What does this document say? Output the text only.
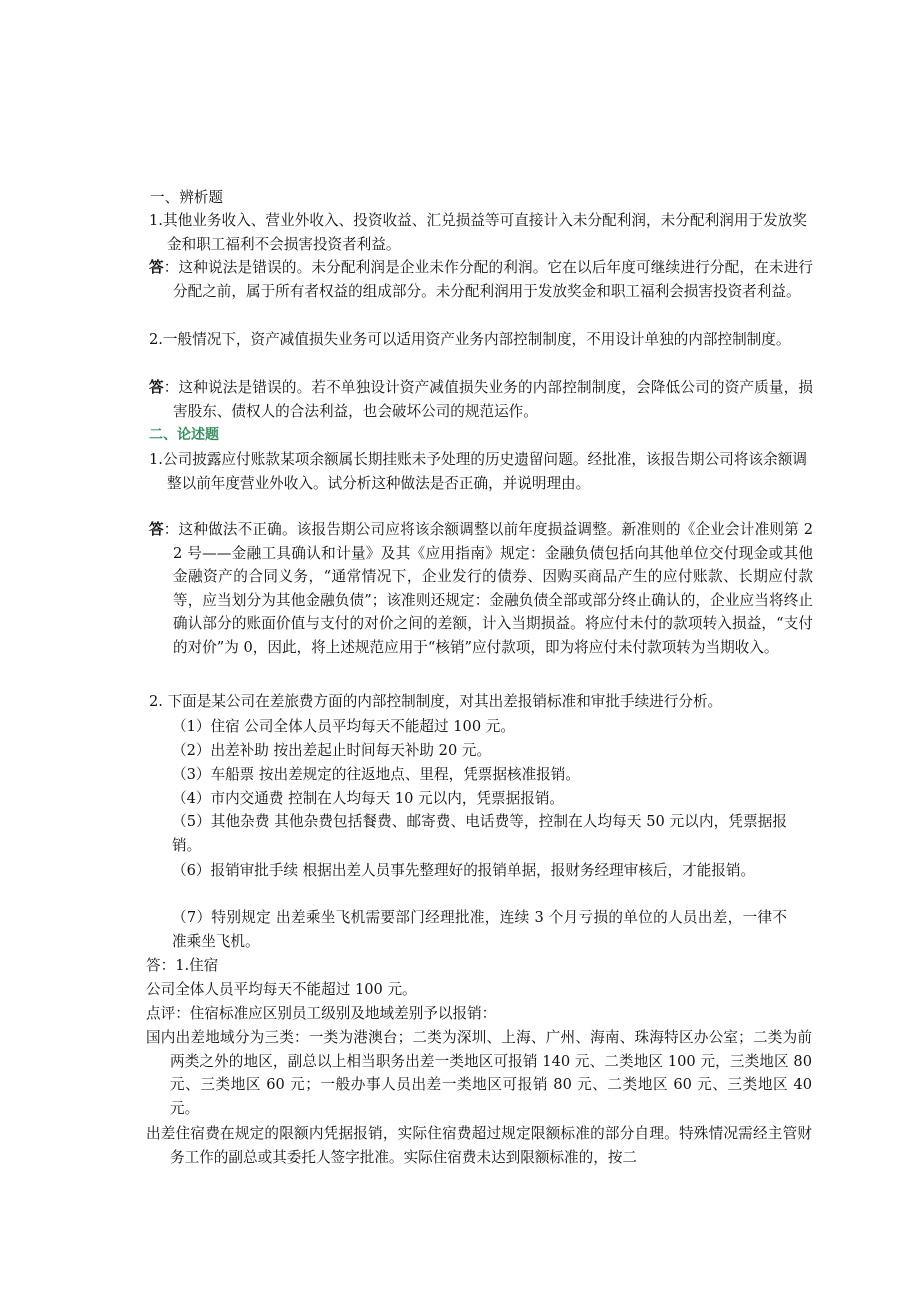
一、辨析题
1.其他业务收入、营业外收入、投资收益、汇兑损益等可直接计入未分配利润，未分配利润用于发放奖金和职工福利不会损害投资者利益。
答：这种说法是错误的。未分配利润是企业未作分配的利润。它在以后年度可继续进行分配，在未进行分配之前，属于所有者权益的组成部分。未分配利润用于发放奖金和职工福利会损害投资者利益。
2.一般情况下，资产减值损失业务可以适用资产业务内部控制制度，不用设计单独的内部控制制度。
答：这种说法是错误的。若不单独设计资产减值损失业务的内部控制制度，会降低公司的资产质量，损害股东、债权人的合法利益，也会破坏公司的规范运作。
二、论述题
1.公司披露应付账款某项余额属长期挂账未予处理的历史遗留问题。经批准，该报告期公司将该余额调整以前年度营业外收入。试分析这种做法是否正确，并说明理由。
答：这种做法不正确。该报告期公司应将该余额调整以前年度损益调整。新准则的《企业会计准则第 22 号——金融工具确认和计量》及其《应用指南》规定：金融负债包括向其他单位交付现金或其他金融资产的合同义务，“通常情况下，企业发行的债券、因购买商品产生的应付账款、长期应付款等，应当划分为其他金融负债”；该准则还规定：金融负债全部或部分终止确认的，企业应当将终止确认部分的账面价值与支付的对价之间的差额，计入当期损益。将应付未付的款项转入损益，“支付的对价”为 0，因此，将上述规范应用于“核销”应付款项，即为将应付未付款项转为当期收入。
2. 下面是某公司在差旅费方面的内部控制制度，对其出差报销标准和审批手续进行分析。
（1）住宿 公司全体人员平均每天不能超过 100 元。
（2）出差补助 按出差起止时间每天补助 20 元。
（3）车船票 按出差规定的往返地点、里程，凭票据核准报销。
（4）市内交通费 控制在人均每天 10 元以内，凭票据报销。
（5）其他杂费 其他杂费包括餐费、邮寄费、电话费等，控制在人均每天 50 元以内，凭票据报销。
（6）报销审批手续 根据出差人员事先整理好的报销单据，报财务经理审核后，才能报销。
（7）特别规定 出差乘坐飞机需要部门经理批准，连续 3 个月亏损的单位的人员出差，一律不准乘坐飞机。
答：1.住宿
公司全体人员平均每天不能超过 100 元。
点评：住宿标准应区别员工级别及地域差别予以报销：
国内出差地域分为三类：一类为港澳台；二类为深圳、上海、广州、海南、珠海特区办公室；二类为前两类之外的地区，副总以上相当职务出差一类地区可报销 140 元、二类地区 100 元，三类地区 80 元、三类地区 60 元；一般办事人员出差一类地区可报销 80 元、二类地区 60 元、三类地区 40 元。
出差住宿费在规定的限额内凭据报销，实际住宿费超过规定限额标准的部分自理。特殊情况需经主管财务工作的副总或其委托人签字批准。实际住宿费未达到限额标准的，按二
